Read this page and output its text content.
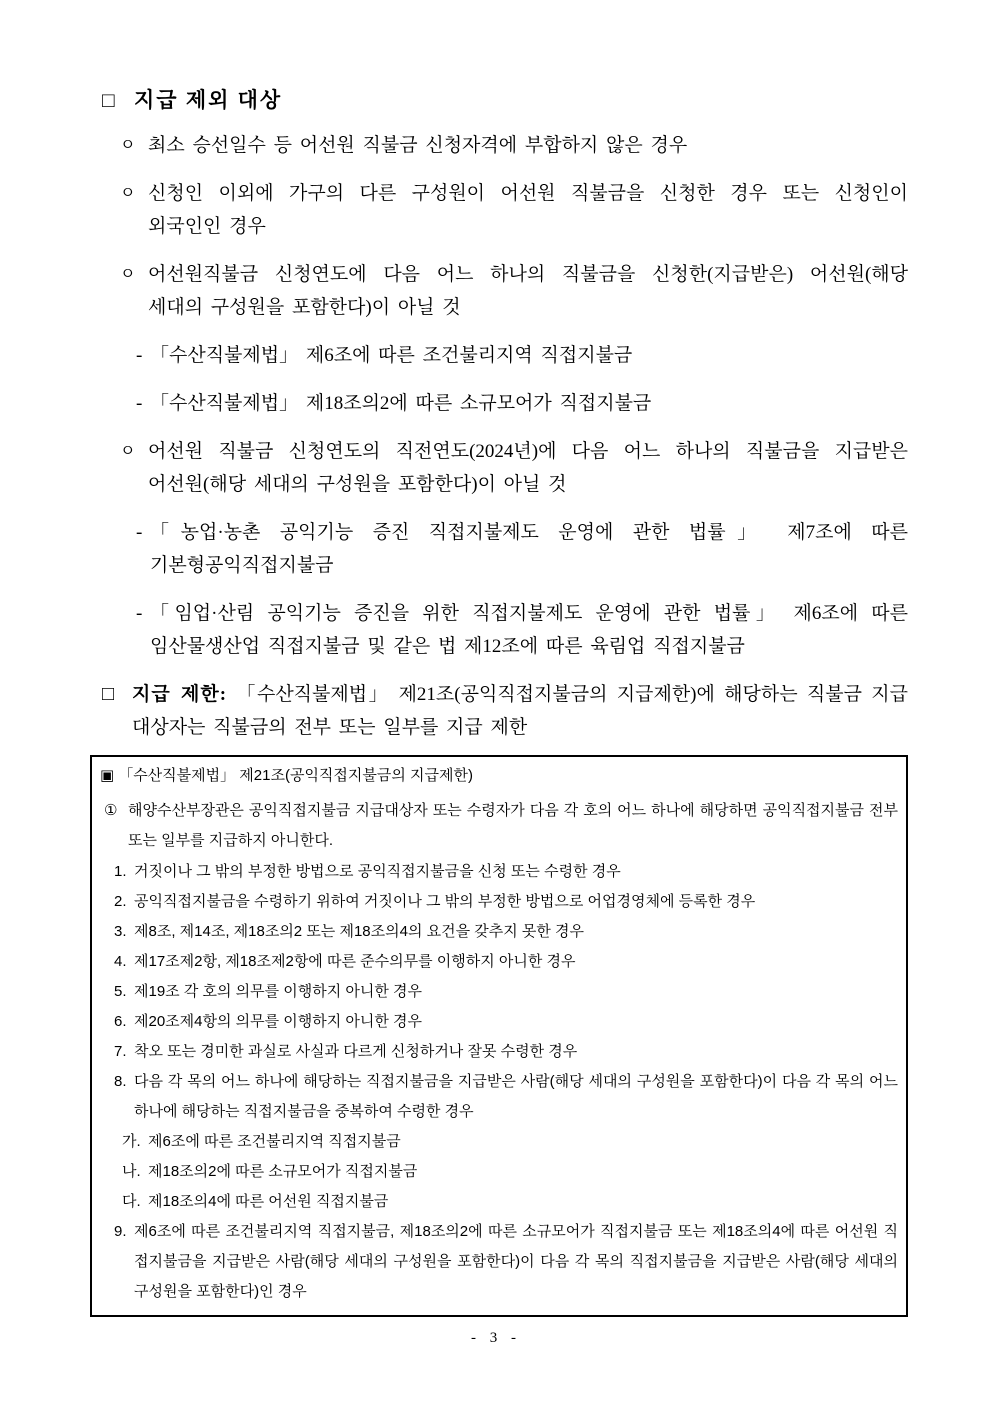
□ 지급 제외 대상
ㅇ 최소 승선일수 등 어선원 직불금 신청자격에 부합하지 않은 경우
ㅇ 신청인 이외에 가구의 다른 구성원이 어선원 직불금을 신청한 경우 또는 신청인이 외국인인 경우
ㅇ 어선원직불금 신청연도에 다음 어느 하나의 직불금을 신청한(지급받은) 어선원(해당 세대의 구성원을 포함한다)이 아닐 것
- 「수산직불제법」 제6조에 따른 조건불리지역 직접지불금
- 「수산직불제법」 제18조의2에 따른 소규모어가 직접지불금
ㅇ 어선원 직불금 신청연도의 직전연도(2024년)에 다음 어느 하나의 직불금을 지급받은 어선원(해당 세대의 구성원을 포함한다)이 아닐 것
- 「농업·농촌 공익기능 증진 직접지불제도 운영에 관한 법률」 제7조에 따른 기본형공익직접지불금
- 「임업·산림 공익기능 증진을 위한 직접지불제도 운영에 관한 법률」 제6조에 따른 임산물생산업 직접지불금 및 같은 법 제12조에 따른 육림업 직접지불금
□ 지급 제한: 「수산직불제법」 제21조(공익직접지불금의 지급제한)에 해당하는 직불금 지급 대상자는 직불금의 전부 또는 일부를 지급 제한
▣ 「수산직불제법」 제21조(공익직접지불금의 지급제한)
① 해양수산부장관은 공익직접지불금 지급대상자 또는 수령자가 다음 각 호의 어느 하나에 해당하면 공익직접지불금 전부 또는 일부를 지급하지 아니한다.
1. 거짓이나 그 밖의 부정한 방법으로 공익직접지불금을 신청 또는 수령한 경우
2. 공익직접지불금을 수령하기 위하여 거짓이나 그 밖의 부정한 방법으로 어업경영체에 등록한 경우
3. 제8조, 제14조, 제18조의2 또는 제18조의4의 요건을 갖추지 못한 경우
4. 제17조제2항, 제18조제2항에 따른 준수의무를 이행하지 아니한 경우
5. 제19조 각 호의 의무를 이행하지 아니한 경우
6. 제20조제4항의 의무를 이행하지 아니한 경우
7. 착오 또는 경미한 과실로 사실과 다르게 신청하거나 잘못 수령한 경우
8. 다음 각 목의 어느 하나에 해당하는 직접지불금을 지급받은 사람(해당 세대의 구성원을 포함한다)이 다음 각 목의 어느 하나에 해당하는 직접지불금을 중복하여 수령한 경우
가. 제6조에 따른 조건불리지역 직접지불금
나. 제18조의2에 따른 소규모어가 직접지불금
다. 제18조의4에 따른 어선원 직접지불금
9. 제6조에 따른 조건불리지역 직접지불금, 제18조의2에 따른 소규모어가 직접지불금 또는 제18조의4에 따른 어선원 직접지불금을 지급받은 사람(해당 세대의 구성원을 포함한다)이 다음 각 목의 직접지불금을 지급받은 사람(해당 세대의 구성원을 포함한다)인 경우
- 3 -
